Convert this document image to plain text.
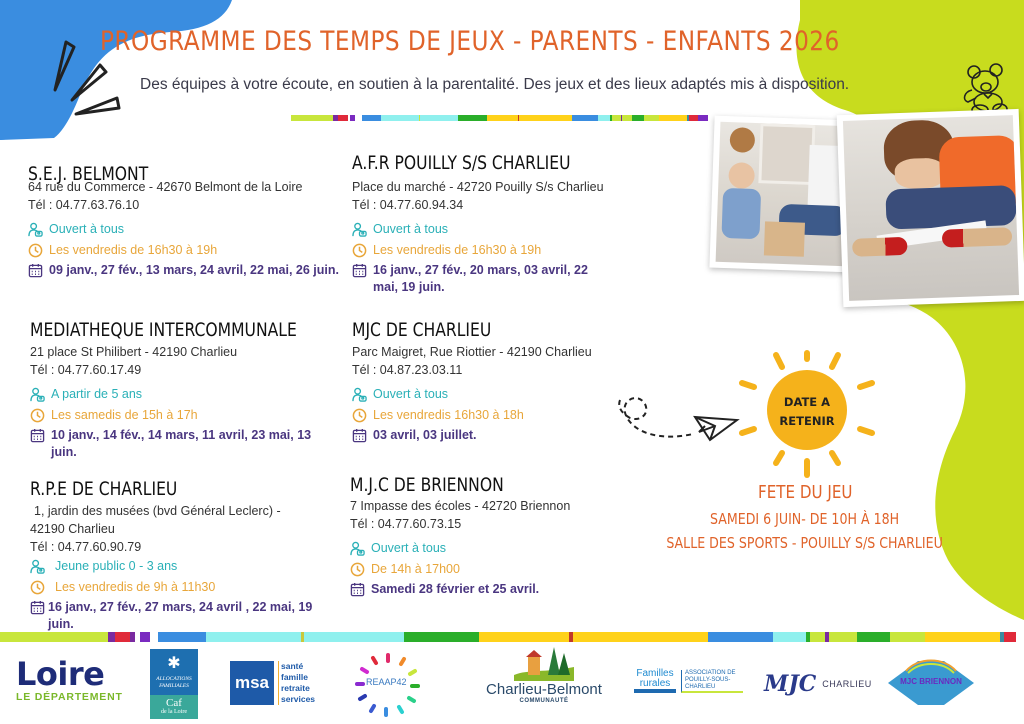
PROGRAMME DES TEMPS DE JEUX - PARENTS - ENFANTS 2026
Des équipes à votre écoute, en soutien à la parentalité. Des jeux et des lieux adaptés mis à disposition.
S.E.J. BELMONT
64 rue du Commerce - 42670 Belmont de la Loire
Tél : 04.77.63.76.10
Ouvert à tous
Les vendredis de 16h30 à 19h
09 janv., 27 fév., 13 mars, 24 avril, 22 mai, 26 juin.
A.F.R POUILLY S/S CHARLIEU
Place du marché - 42720 Pouilly S/s Charlieu
Tél : 04.77.60.94.34
Ouvert à tous
Les vendredis de 16h30 à 19h
16 janv., 27 fév., 20 mars, 03 avril, 22 mai, 19 juin.
MEDIATHEQUE INTERCOMMUNALE
21 place St Philibert - 42190 Charlieu
Tél : 04.77.60.17.49
A partir de 5 ans
Les samedis de 15h à 17h
10 janv., 14 fév., 14 mars, 11 avril, 23 mai, 13 juin.
MJC DE CHARLIEU
Parc Maigret, Rue Riottier - 42190 Charlieu
Tél : 04.87.23.03.11
Ouvert à tous
Les vendredis 16h30 à 18h
03 avril, 03 juillet.
R.P.E DE CHARLIEU
1, jardin des musées (bvd Général Leclerc) -
42190 Charlieu
Tél : 04.77.60.90.79
Jeune public 0 - 3 ans
Les vendredis de 9h à 11h30
16 janv., 27 fév., 27 mars, 24 avril , 22 mai, 19 juin.
M.J.C DE BRIENNON
7 Impasse des écoles - 42720 Briennon
Tél : 04.77.60.73.15
Ouvert à tous
De 14h à 17h00
Samedi 28 février et 25 avril.
DATE A
RETENIR
FETE DU JEU
SAMEDI 6 JUIN- DE 10H À 18H
SALLE DES SPORTS - POUILLY S/S CHARLIEU
Loire
LE DÉPARTEMENT
✱
ALLOCATIONS FAMILIALES
Caf
de la Loire
msa
santé
famille
retraite
services
REAAP42	Charlieu-Belmont
COMMUNAUTÉ
Familles rurales
ASSOCIATION DE POUILLY-SOUS-CHARLIEU	MJC CHARLIEU	MJC BRIENNON
